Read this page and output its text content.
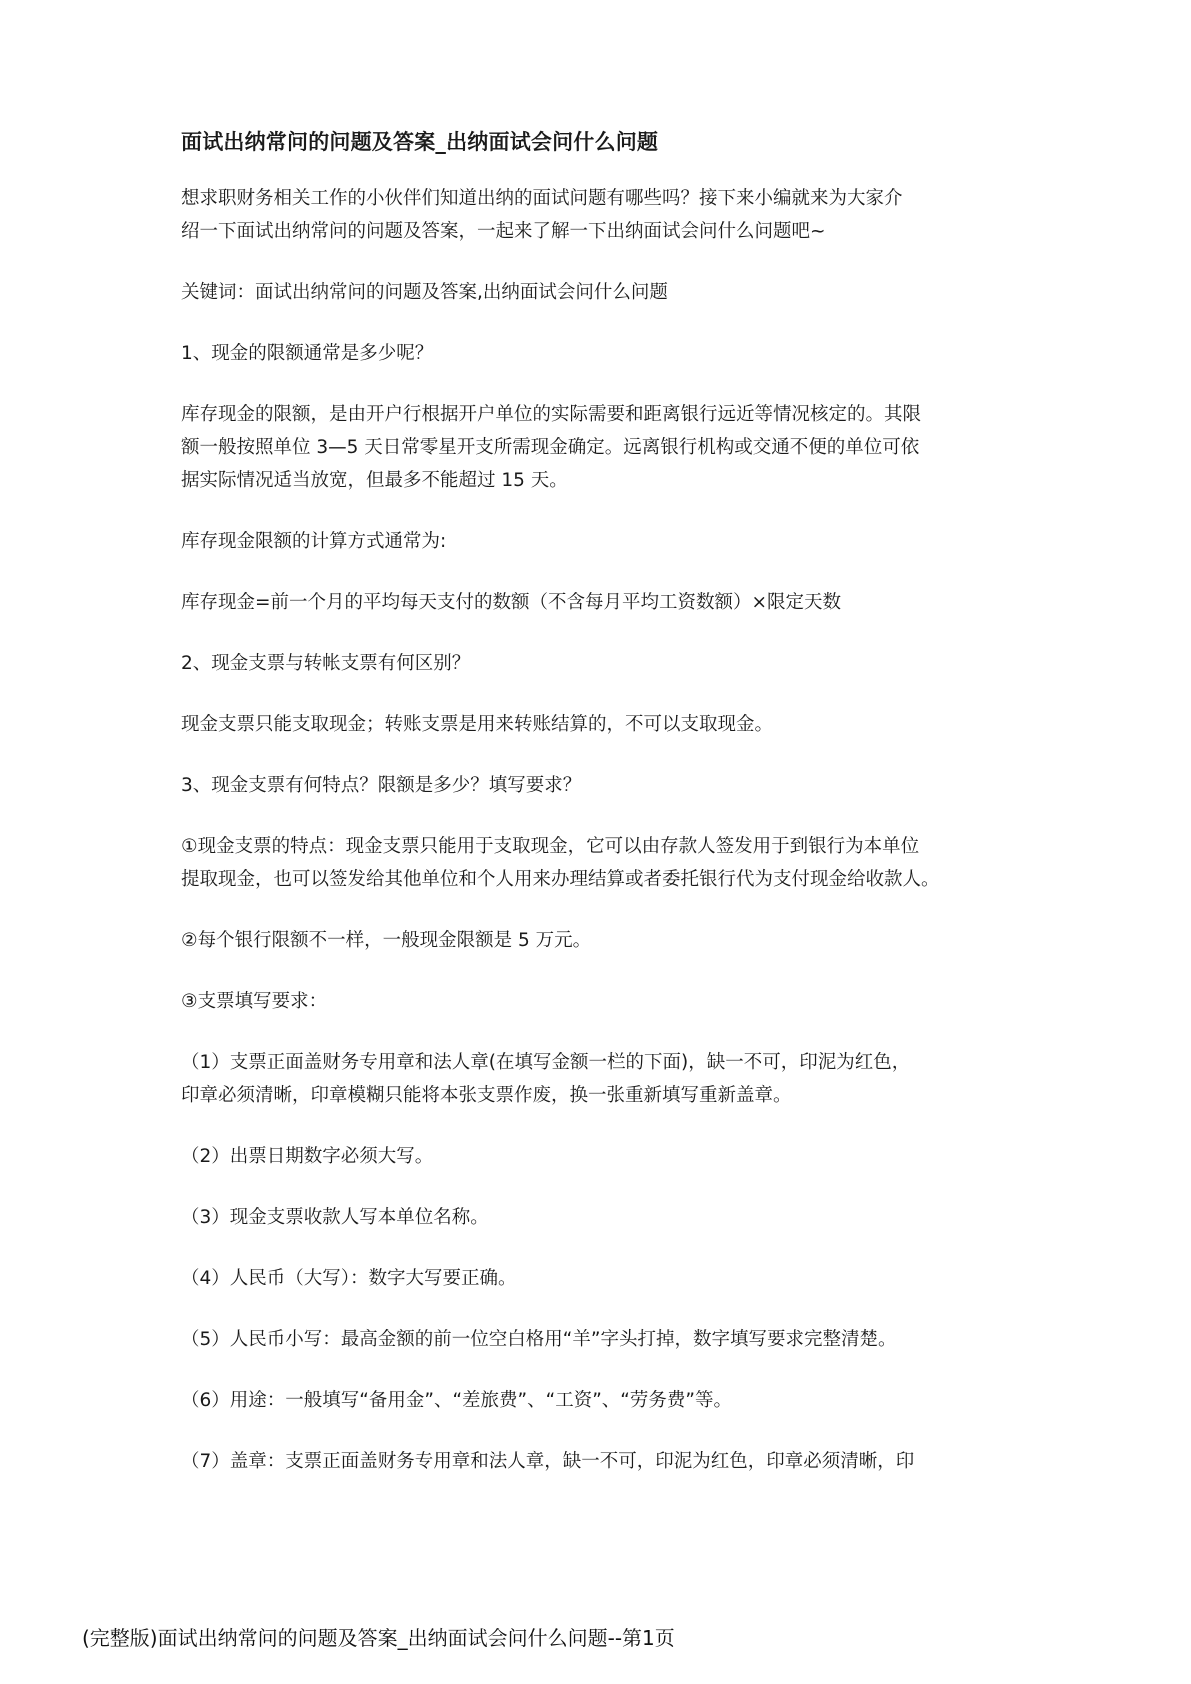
面试出纳常问的问题及答案_出纳面试会问什么问题
想求职财务相关工作的小伙伴们知道出纳的面试问题有哪些吗？接下来小编就来为大家介
绍一下面试出纳常问的问题及答案，一起来了解一下出纳面试会问什么问题吧~
关键词：面试出纳常问的问题及答案,出纳面试会问什么问题
1、现金的限额通常是多少呢？
库存现金的限额，是由开户行根据开户单位的实际需要和距离银行远近等情况核定的。其限
额一般按照单位 3—5 天日常零星开支所需现金确定。远离银行机构或交通不便的单位可依
据实际情况适当放宽，但最多不能超过 15 天。
库存现金限额的计算方式通常为:
库存现金=前一个月的平均每天支付的数额（不含每月平均工资数额）×限定天数
2、现金支票与转帐支票有何区别？
现金支票只能支取现金；转账支票是用来转账结算的，不可以支取现金。
3、现金支票有何特点？限额是多少？填写要求？
①现金支票的特点：现金支票只能用于支取现金，它可以由存款人签发用于到银行为本单位
提取现金，也可以签发给其他单位和个人用来办理结算或者委托银行代为支付现金给收款人。
②每个银行限额不一样，一般现金限额是 5 万元。
③支票填写要求：
（1）支票正面盖财务专用章和法人章(在填写金额一栏的下面)，缺一不可，印泥为红色，
印章必须清晰，印章模糊只能将本张支票作废，换一张重新填写重新盖章。
（2）出票日期数字必须大写。
（3）现金支票收款人写本单位名称。
（4）人民币（大写）：数字大写要正确。
（5）人民币小写：最高金额的前一位空白格用“羊”字头打掉，数字填写要求完整清楚。
（6）用途：一般填写“备用金”、“差旅费”、“工资”、“劳务费”等。
（7）盖章：支票正面盖财务专用章和法人章，缺一不可，印泥为红色，印章必须清晰，印
(完整版)面试出纳常问的问题及答案_出纳面试会问什么问题--第1页
